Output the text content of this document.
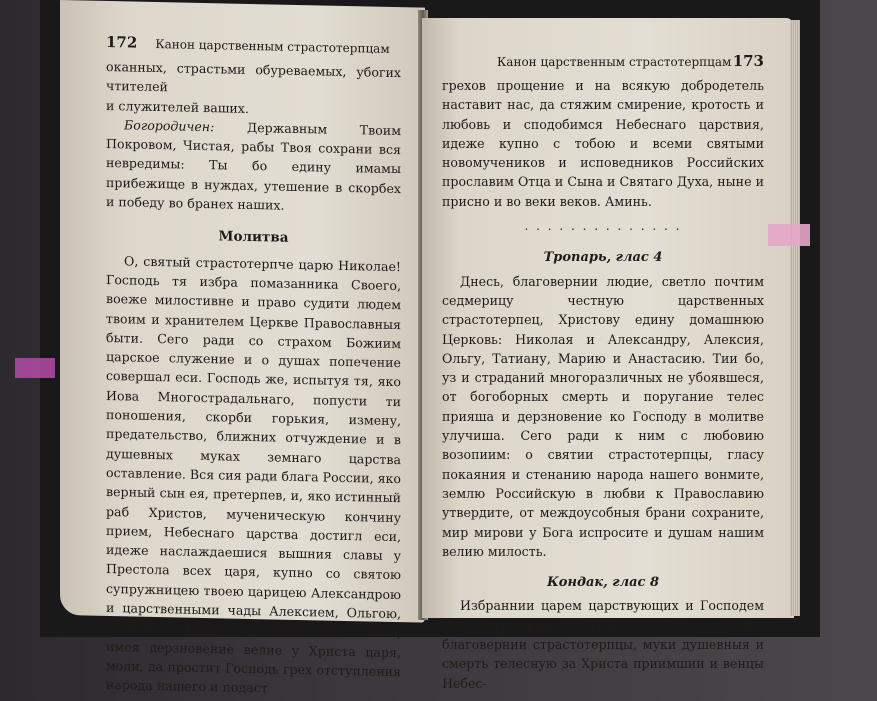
172 Канон царственным страстотерпцам

оканных, страстьми обуреваемых, убогих чтителей

и служителей ваших.

Богородичен:	Державным Твоим Покровом, Чистая, рабы Твоя сохрани вся невредимы: Ты бо едину имамы прибежище в нуждах, утешение в скорбех и победу во бранех наших.

Молитва

О, святый страстотерпче царю Николае! Господь тя избра помазанника Своего, воеже милостивне и право судити людем твоим и хранителем Церкве Православныя быти. Сего ради со страхом Божиим царское служение и о душах попечение совершал еси. Господь же, испытуя тя, яко Иова Многострадальнаго, попусти ти поношения, скорби горькия, измену, предательство, ближних отчуждение и в душевных муках земнаго царства оставление. Вся сия ради блага России, яко верный сын ея, претерпев, и, яко истинный раб Христов, мученическую кончину прием, Небеснаго царства достигл еси, идеже наслаждаешися вышния славы у Престола всех царя, купно со святою супружницею твоею царицею Александрою и царственными чады Алексием, Ольгою, Татианою, Мариею и Анастасиею. Ныне, имея дерзновение велие у Христа царя, моли, да простит Господь грех отступления народа нашего и подаст

Канон царственным страстотерпцам 173

грехов прощение и на всякую добродетель наставит нас, да стяжим смирение, кротость и любовь и сподобимся Небеснаго царствия, идеже купно с тобою и всеми святыми новомучеников и исповедников Российских прославим Отца и Сына и Святаго Духа, ныне и присно и во веки веков. Аминь.

. . . . . . . . . . . . . .
Тропарь, глас 4

Днесь, благовернии людие, светло почтим седмерицу честную царственных страстотерпец, Христову едину домашнюю Церковь: Николая и Александру, Алексия, Ольгу, Татиану, Марию и Анастасию. Тии бо, уз и страданий многоразличных не убоявшеся, от богоборных смерть и поругание телес прияша и дерзновение ко Господу в молитве улучиша. Сего ради к ним с любовию возопиим: о святии страстотерпцы, гласу покаяния и стенанию народа нашего вонмите, землю Российскую в любви к Православию утвердите, от междоусобныя брани сохраните, мир мирови у Бога испросите и душам нашим велию милость.

Кондак, глас 8

Избраннии царем царствующих и Господем господствующих от рода царей Российских, благовернии страстотерпцы, муки душевныя и смерть телесную за Христа приимшии и венцы Небес-
